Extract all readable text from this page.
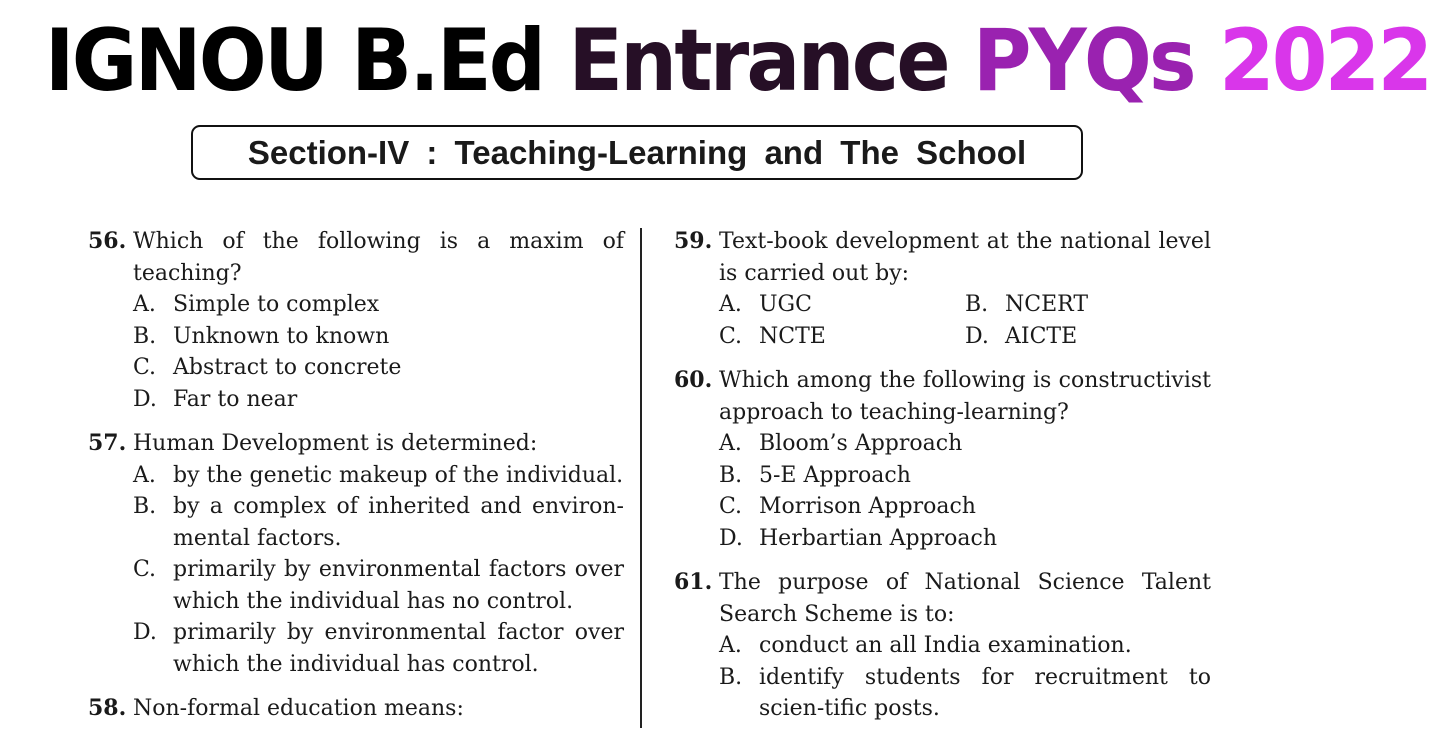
IGNOU B.Ed Entrance PYQs 2022
Section-IV : Teaching-Learning and The School
56. Which of the following is a maxim of teaching?
A. Simple to complex
B. Unknown to known
C. Abstract to concrete
D. Far to near
57. Human Development is determined:
A. by the genetic makeup of the individual.
B. by a complex of inherited and environ-mental factors.
C. primarily by environmental factors over which the individual has no control.
D. primarily by environmental factor over which the individual has control.
58. Non-formal education means:
59. Text-book development at the national level is carried out by:
A. UGC	B. NCERT
C. NCTE	D. AICTE
60. Which among the following is constructivist approach to teaching-learning?
A. Bloom’s Approach
B. 5-E Approach
C. Morrison Approach
D. Herbartian Approach
61. The purpose of National Science Talent Search Scheme is to:
A. conduct an all India examination.
B. identify students for recruitment to scien-tific posts.
